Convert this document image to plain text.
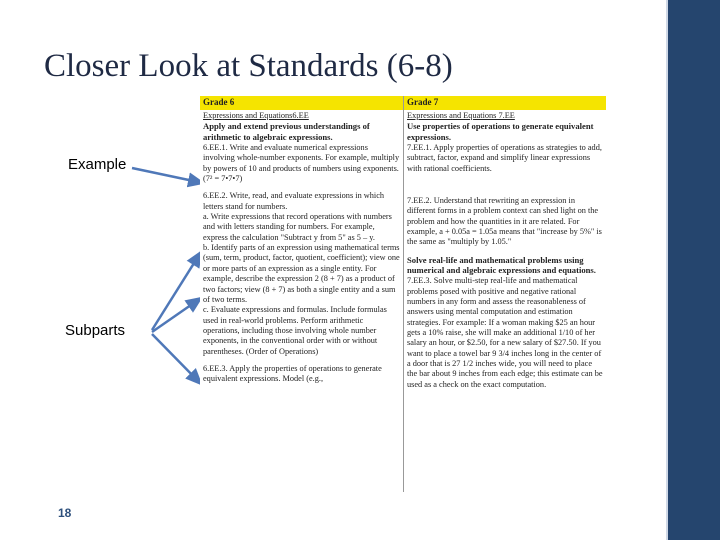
Closer Look at Standards (6-8)
Example
Subparts
Grade 6

Expressions and Equations6.EE

Apply and extend previous understandings of arithmetic to algebraic expressions.

6.EE.1. Write and evaluate numerical expressions involving whole-number exponents. For example, multiply by powers of 10 and products of numbers using exponents. (7² = 7•7•7)

6.EE.2. Write, read, and evaluate expressions in which letters stand for numbers.

a. Write expressions that record operations with numbers and with letters standing for numbers. For example, express the calculation "Subtract y from 5" as 5 – y.

b. Identify parts of an expression using mathematical terms (sum, term, product, factor, quotient, coefficient); view one or more parts of an expression as a single entity. For example, describe the expression 2 (8 + 7) as a product of two factors; view (8 + 7) as both a single entity and a sum of two terms.

c. Evaluate expressions and formulas. Include formulas used in real-world problems. Perform arithmetic operations, including those involving whole number exponents, in the conventional order with or without parentheses. (Order of Operations)

6.EE.3. Apply the properties of operations to generate equivalent expressions. Model (e.g.,

Grade 7

Expressions and Equations 7.EE

Use properties of operations to generate equivalent expressions.

7.EE.1. Apply properties of operations as strategies to add, subtract, factor, expand and simplify linear expressions with rational coefficients.

7.EE.2. Understand that rewriting an expression in different forms in a problem context can shed light on the problem and how the quantities in it are related. For example, a + 0.05a = 1.05a means that "increase by 5%" is the same as "multiply by 1.05."

Solve real-life and mathematical problems using numerical and algebraic expressions and equations.

7.EE.3. Solve multi-step real-life and mathematical problems posed with positive and negative rational numbers in any form and assess the reasonableness of answers using mental computation and estimation strategies. For example: If a woman making $25 an hour gets a 10% raise, she will make an additional 1/10 of her salary an hour, or $2.50, for a new salary of $27.50. If you want to place a towel bar 9 3/4 inches long in the center of a door that is 27 1/2 inches wide, you will need to place the bar about 9 inches from each edge; this estimate can be used as a check on the exact computation.

18
